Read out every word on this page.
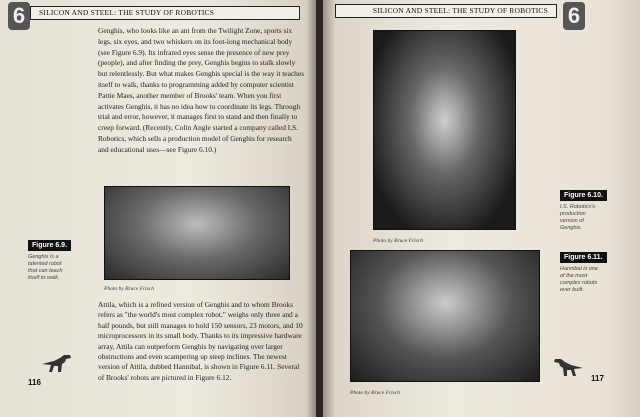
6	SILICON AND STEEL: THE STUDY OF ROBOTICS
Genghis, who looks like an ant from the Twilight Zone, sports six legs, six eyes, and two whiskers on its foot-long mechanical body (see Figure 6.9). Its infrared eyes sense the presence of new prey (people), and after finding the prey, Genghis begins to stalk slowly but relentlessly. But what makes Genghis special is the way it teaches itself to walk, thanks to programming added by computer scientist Pattie Maes, another member of Brooks' team. When you first activates Genghis, it has no idea how to coordinate its legs. Through trial and error, however, it manages first to stand and then finally to creep forward. (Recently, Colin Angle started a company called I.S. Robotics, which sells a production model of Genghis for research and educational uses—see Figure 6.10.)
Photo by Bruce Frisch
Figure 6.9.
Genghis is a talented robot that can teach itself to walk.
Attila, which is a refined version of Genghis and to whom Brooks refers as "the world's most complex robot," weighs only three and a half pounds, but still manages to hold 150 sensors, 23 motors, and 10 microprocessors in its small body. Thanks to its impressive hardware array, Attila can outperform Genghis by navigating over larger obstructions and even scampering up steep inclines. The newest version of Attila, dubbed Hannibal, is shown in Figure 6.11. Several of Brooks' robots are pictured in Figure 6.12.
116
SILICON AND STEEL: THE STUDY OF ROBOTICS 6
Photo by Bruce Frisch
Figure 6.10.
I.S. Robotics's production version of Genghis.
Photo by Bruce Frisch
Figure 6.11.
Hannibal is one of the most complex robots ever built.
117
